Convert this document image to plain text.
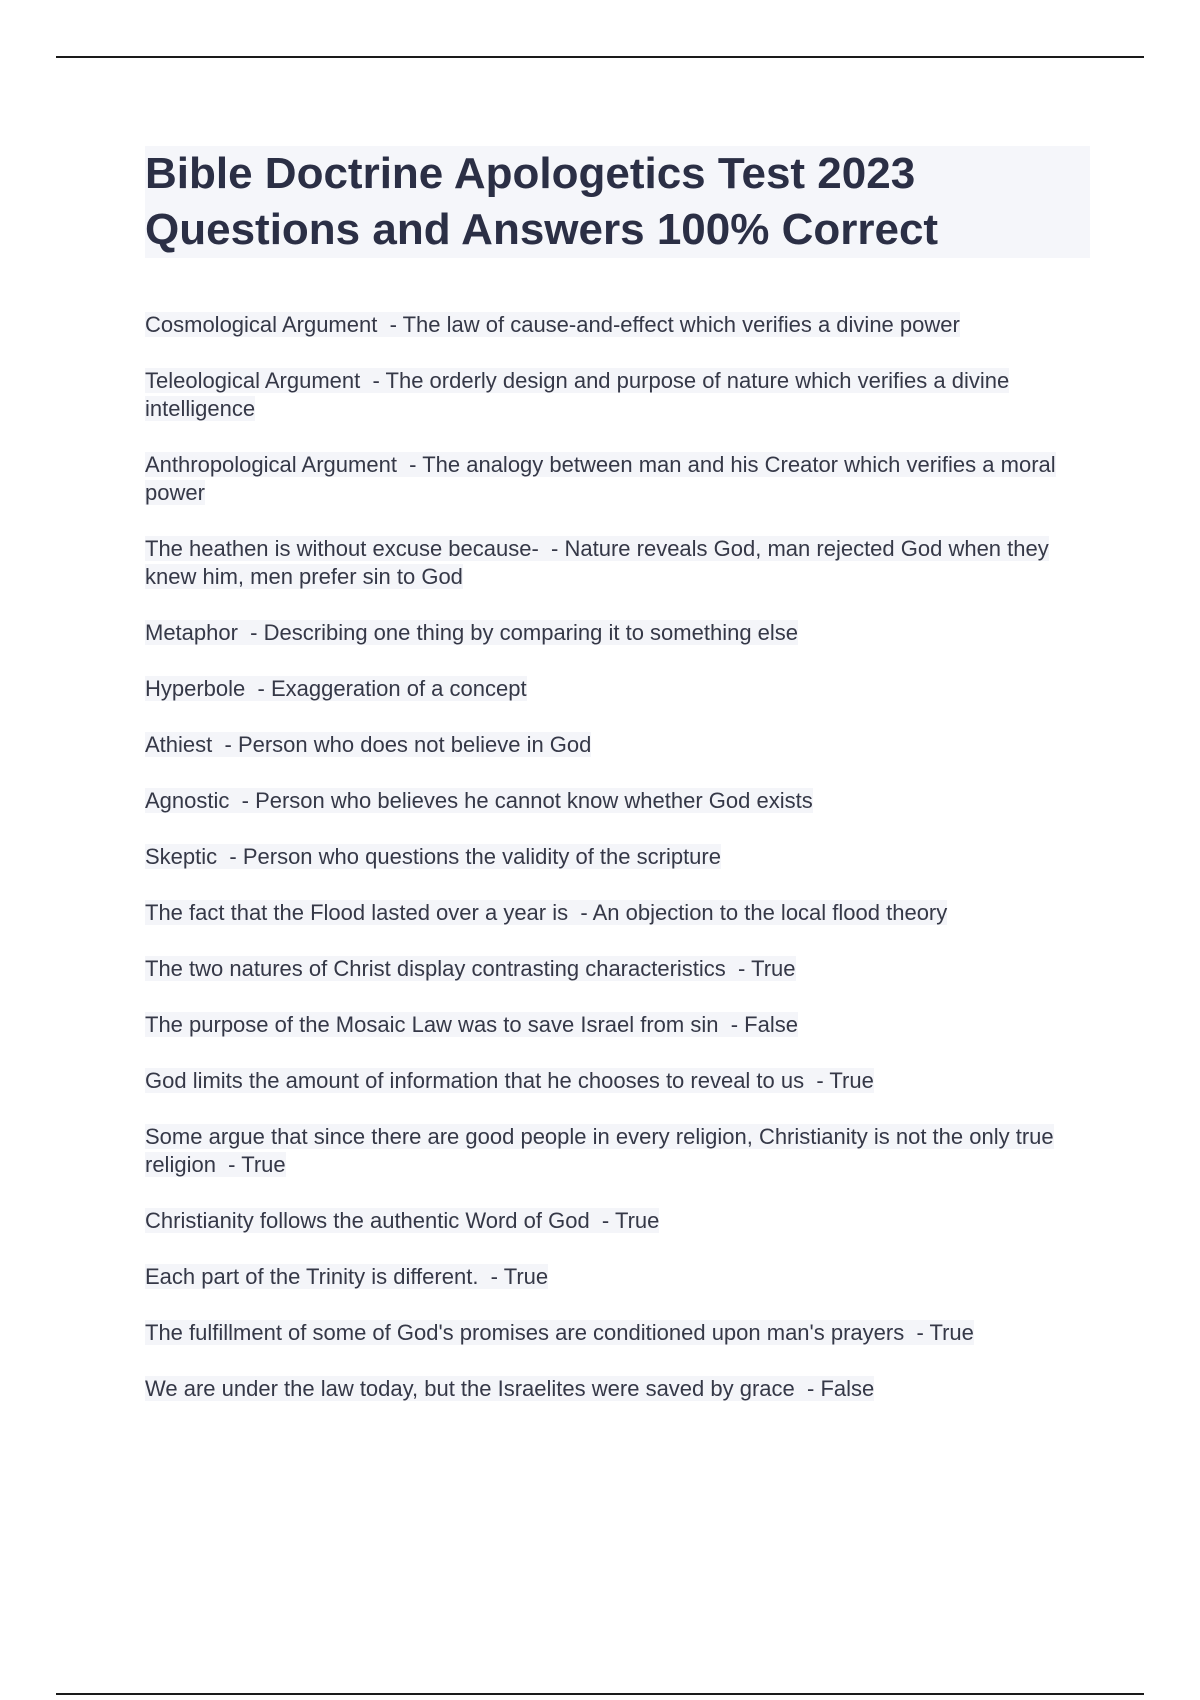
Bible Doctrine Apologetics Test 2023 Questions and Answers 100% Correct
Cosmological Argument  - The law of cause-and-effect which verifies a divine power
Teleological Argument  - The orderly design and purpose of nature which verifies a divine intelligence
Anthropological Argument  - The analogy between man and his Creator which verifies a moral power
The heathen is without excuse because-  - Nature reveals God, man rejected God when they knew him, men prefer sin to God
Metaphor  - Describing one thing by comparing it to something else
Hyperbole  - Exaggeration of a concept
Athiest  - Person who does not believe in God
Agnostic  - Person who believes he cannot know whether God exists
Skeptic  - Person who questions the validity of the scripture
The fact that the Flood lasted over a year is  - An objection to the local flood theory
The two natures of Christ display contrasting characteristics  - True
The purpose of the Mosaic Law was to save Israel from sin  - False
God limits the amount of information that he chooses to reveal to us  - True
Some argue that since there are good people in every religion, Christianity is not the only true religion  - True
Christianity follows the authentic Word of God  - True
Each part of the Trinity is different.  - True
The fulfillment of some of God's promises are conditioned upon man's prayers  - True
We are under the law today, but the Israelites were saved by grace  - False
